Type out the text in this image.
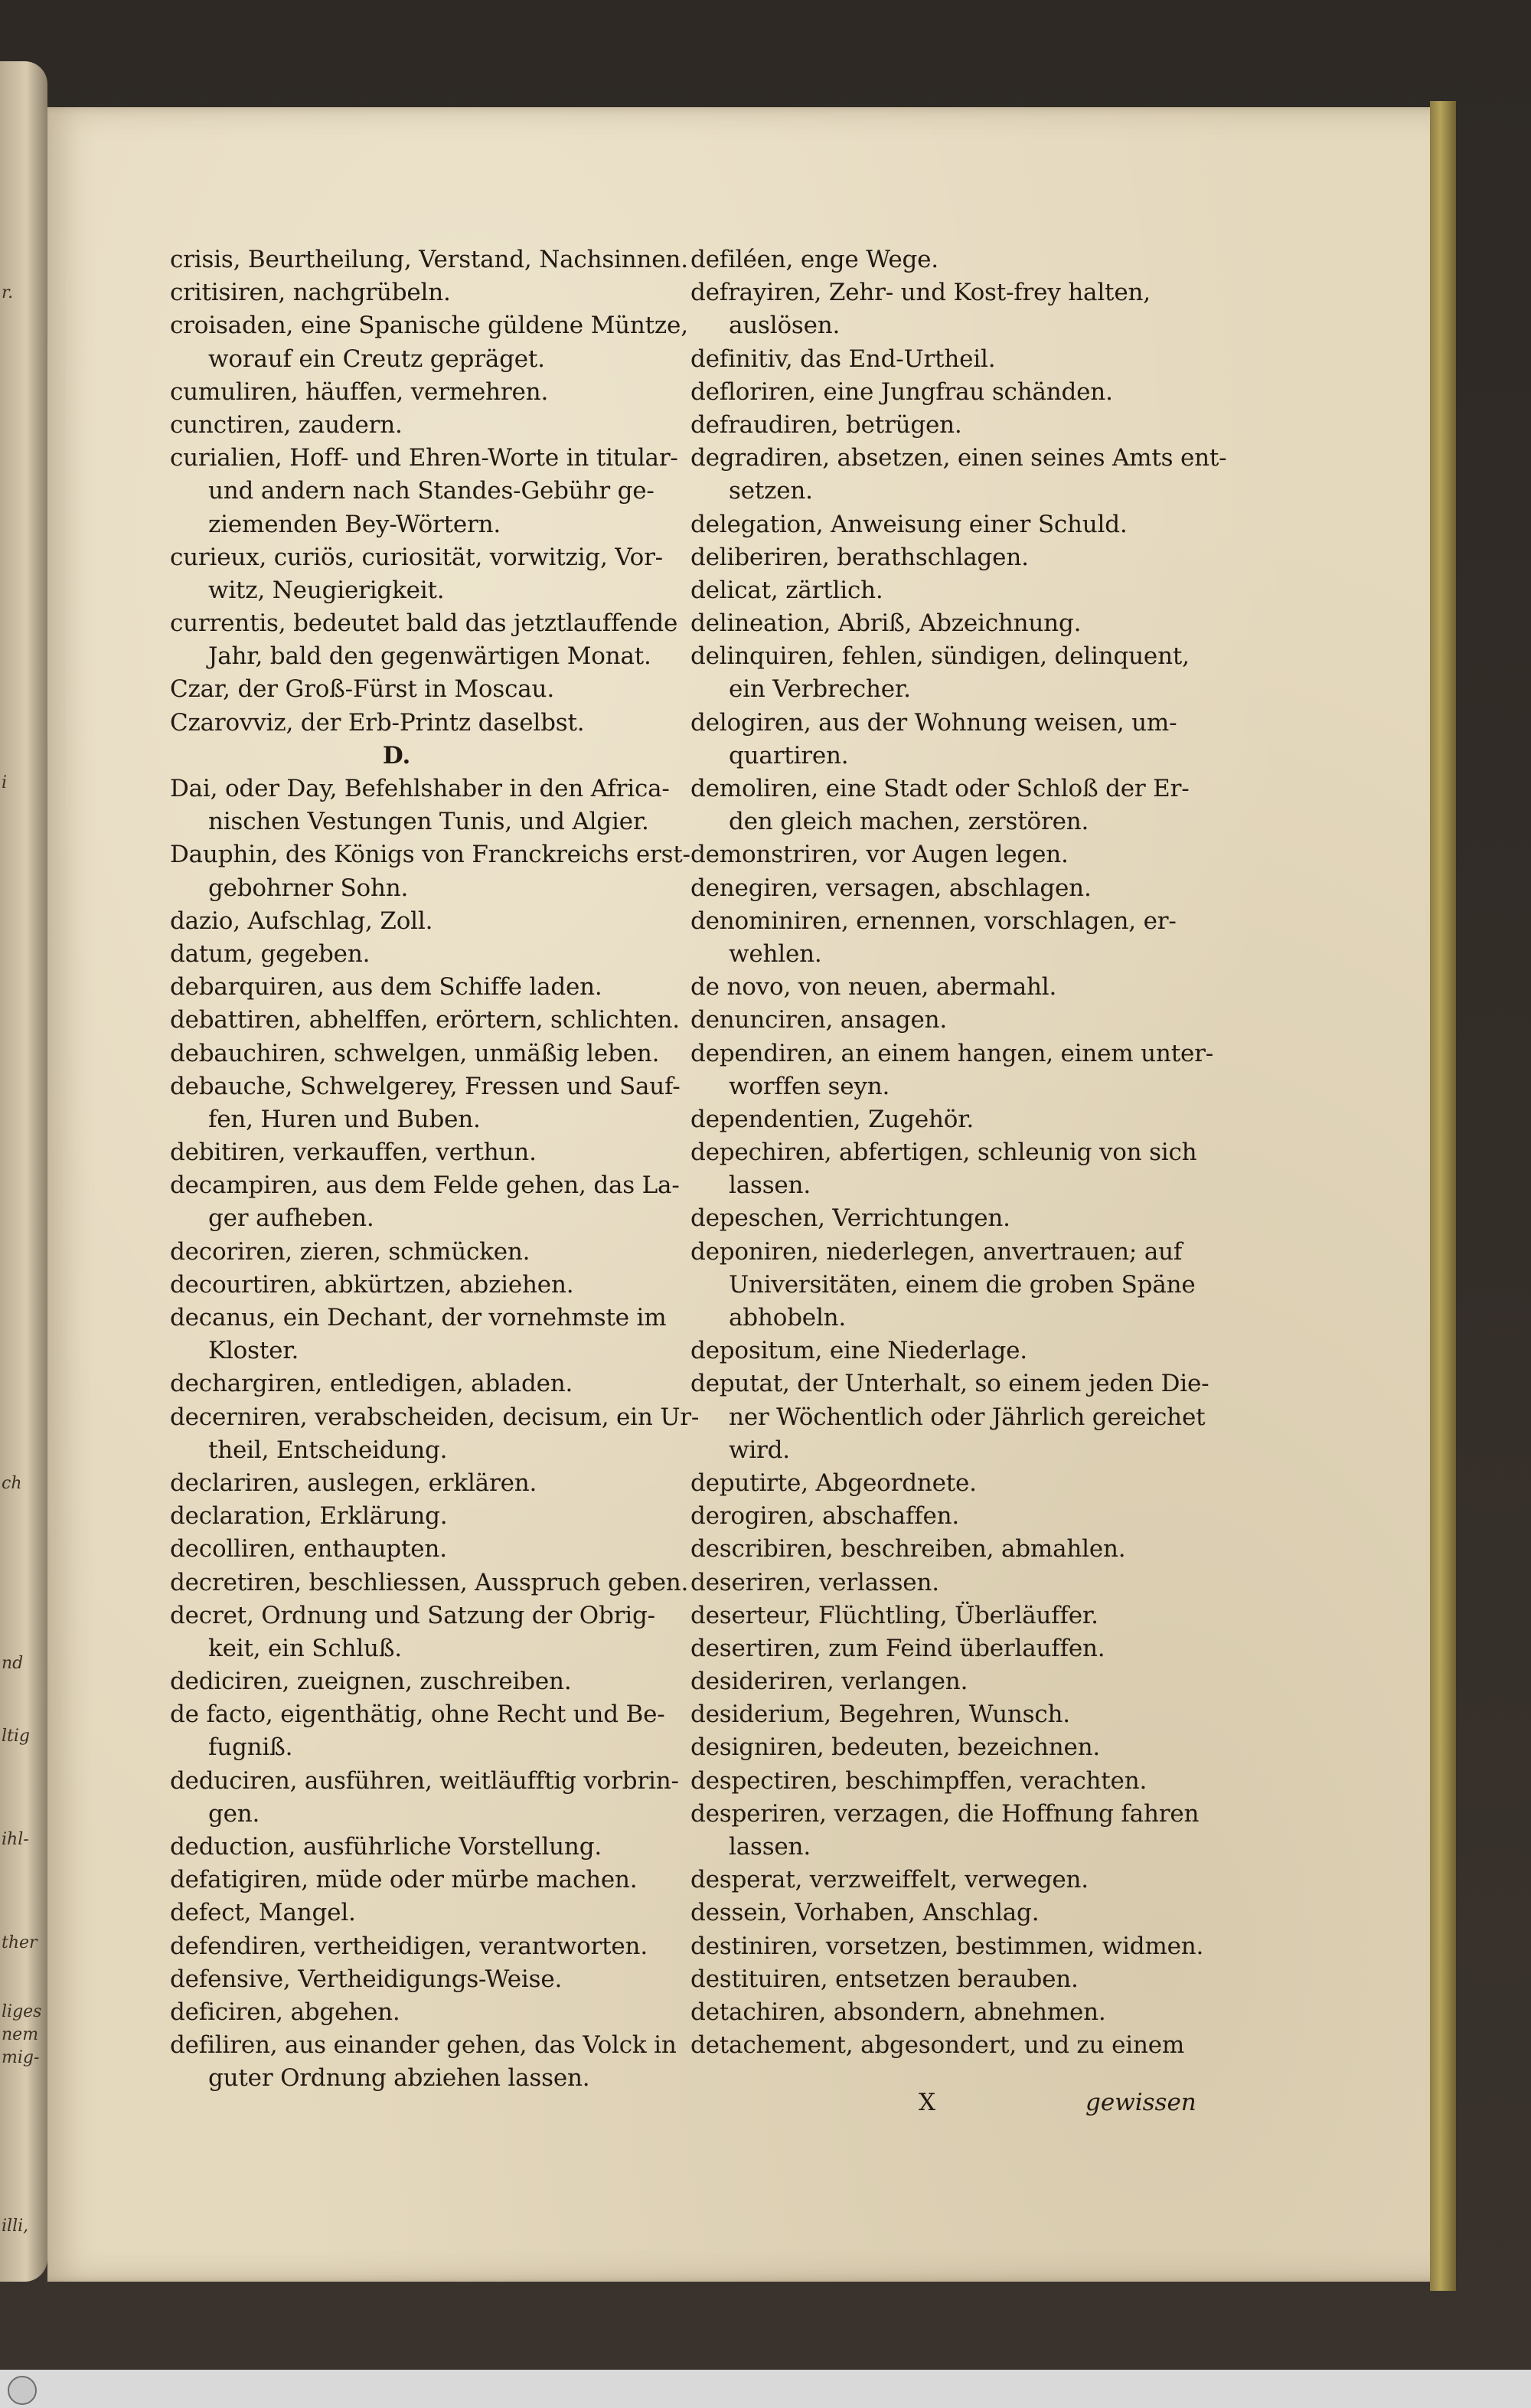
r.
i
ch
nd
ltig
ihl-
ther
liges
nem
mig-
illi,
crisis, Beurtheilung, Verstand, Nachsinnen.
critisiren, nachgrübeln.
croisaden, eine Spanische güldene Müntze,
worauf ein Creutz gepräget.
cumuliren, häuffen, vermehren.
cunctiren, zaudern.
curialien, Hoff- und Ehren-Worte in titular-
und andern nach Standes-Gebühr ge-
ziemenden Bey-Wörtern.
curieux, curiös, curiosität, vorwitzig, Vor-
witz, Neugierigkeit.
currentis, bedeutet bald das jetztlauffende
Jahr, bald den gegenwärtigen Monat.
Czar, der Groß-Fürst in Moscau.
Czarovviz, der Erb-Printz daselbst.
D.
Dai, oder Day, Befehlshaber in den Africa-
nischen Vestungen Tunis, und Algier.
Dauphin, des Königs von Franckreichs erst-
gebohrner Sohn.
dazio, Aufschlag, Zoll.
datum, gegeben.
debarquiren, aus dem Schiffe laden.
debattiren, abhelffen, erörtern, schlichten.
debauchiren, schwelgen, unmäßig leben.
debauche, Schwelgerey, Fressen und Sauf-
fen, Huren und Buben.
debitiren, verkauffen, verthun.
decampiren, aus dem Felde gehen, das La-
ger aufheben.
decoriren, zieren, schmücken.
decourtiren, abkürtzen, abziehen.
decanus, ein Dechant, der vornehmste im
Kloster.
dechargiren, entledigen, abladen.
decerniren, verabscheiden, decisum, ein Ur-
theil, Entscheidung.
declariren, auslegen, erklären.
declaration, Erklärung.
decolliren, enthaupten.
decretiren, beschliessen, Ausspruch geben.
decret, Ordnung und Satzung der Obrig-
keit, ein Schluß.
dediciren, zueignen, zuschreiben.
de facto, eigenthätig, ohne Recht und Be-
fugniß.
deduciren, ausführen, weitläufftig vorbrin-
gen.
deduction, ausführliche Vorstellung.
defatigiren, müde oder mürbe machen.
defect, Mangel.
defendiren, vertheidigen, verantworten.
defensive, Vertheidigungs-Weise.
deficiren, abgehen.
defiliren, aus einander gehen, das Volck in
guter Ordnung abziehen lassen.
defiléen, enge Wege.
defrayiren, Zehr- und Kost-frey halten,
auslösen.
definitiv, das End-Urtheil.
defloriren, eine Jungfrau schänden.
defraudiren, betrügen.
degradiren, absetzen, einen seines Amts ent-
setzen.
delegation, Anweisung einer Schuld.
deliberiren, berathschlagen.
delicat, zärtlich.
delineation, Abriß, Abzeichnung.
delinquiren, fehlen, sündigen, delinquent,
ein Verbrecher.
delogiren, aus der Wohnung weisen, um-
quartiren.
demoliren, eine Stadt oder Schloß der Er-
den gleich machen, zerstören.
demonstriren, vor Augen legen.
denegiren, versagen, abschlagen.
denominiren, ernennen, vorschlagen, er-
wehlen.
de novo, von neuen, abermahl.
denunciren, ansagen.
dependiren, an einem hangen, einem unter-
worffen seyn.
dependentien, Zugehör.
depechiren, abfertigen, schleunig von sich
lassen.
depeschen, Verrichtungen.
deponiren, niederlegen, anvertrauen; auf
Universitäten, einem die groben Späne
abhobeln.
depositum, eine Niederlage.
deputat, der Unterhalt, so einem jeden Die-
ner Wöchentlich oder Jährlich gereichet
wird.
deputirte, Abgeordnete.
derogiren, abschaffen.
describiren, beschreiben, abmahlen.
deseriren, verlassen.
deserteur, Flüchtling, Überläuffer.
desertiren, zum Feind überlauffen.
desideriren, verlangen.
desiderium, Begehren, Wunsch.
designiren, bedeuten, bezeichnen.
despectiren, beschimpffen, verachten.
desperiren, verzagen, die Hoffnung fahren
lassen.
desperat, verzweiffelt, verwegen.
dessein, Vorhaben, Anschlag.
destiniren, vorsetzen, bestimmen, widmen.
destituiren, entsetzen berauben.
detachiren, absondern, abnehmen.
detachement, abgesondert, und zu einem
X	gewissen
